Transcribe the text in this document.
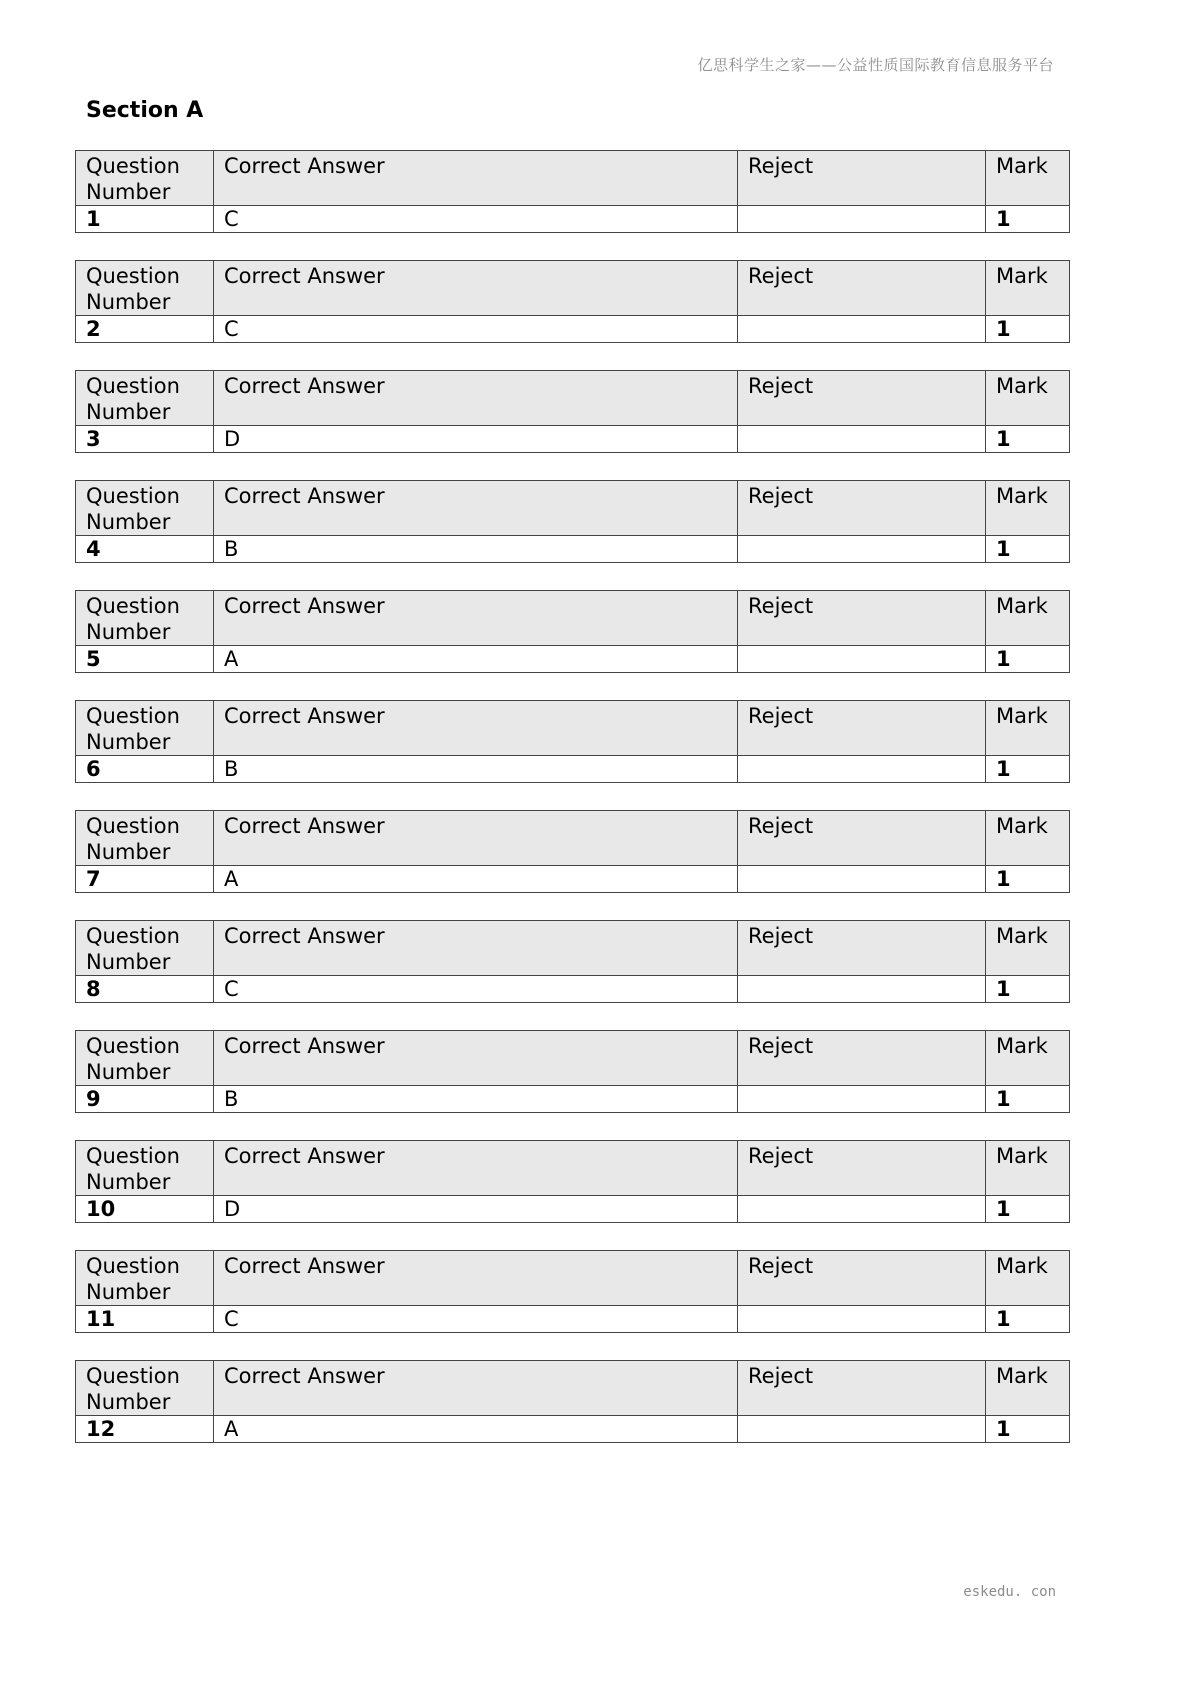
亿思科学生之家——公益性质国际教育信息服务平台
Section A
Question Number	Correct Answer	Reject	Mark
1	C		1
Question Number	Correct Answer	Reject	Mark
2	C		1
Question Number	Correct Answer	Reject	Mark
3	D		1
Question Number	Correct Answer	Reject	Mark
4	B		1
Question Number	Correct Answer	Reject	Mark
5	A		1
Question Number	Correct Answer	Reject	Mark
6	B		1
Question Number	Correct Answer	Reject	Mark
7	A		1
Question Number	Correct Answer	Reject	Mark
8	C		1
Question Number	Correct Answer	Reject	Mark
9	B		1
Question Number	Correct Answer	Reject	Mark
10	D		1
Question Number	Correct Answer	Reject	Mark
11	C		1
Question Number	Correct Answer	Reject	Mark
12	A		1
eskedu. con
